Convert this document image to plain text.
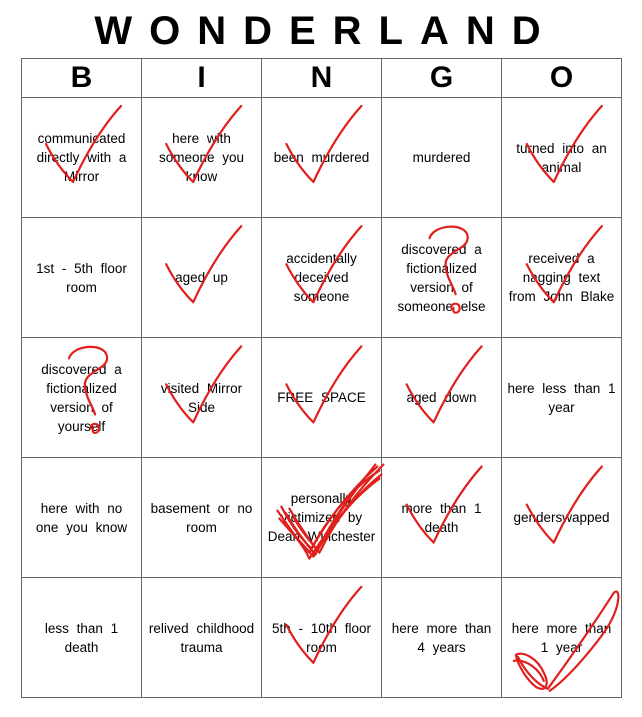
WONDERLAND
B	I	N	G	O

communicated directly with a Mirror	here with someone you know	been murdered	murdered	turned into an animal

1st - 5th floor room	aged up	accidentally deceived someone	discovered a fictionalized version of someone else	received a nagging text from John Blake

discovered a fictionalized version of yourself	visited Mirror Side	FREE SPACE	aged down	here less than 1 year

here with no one you know	basement or no room	personally victimized by Dean Winchester	more than 1 death	genderswapped

less than 1 death	relived childhood trauma	5th - 10th floor room	here more than 4 years	here more than 1 year
